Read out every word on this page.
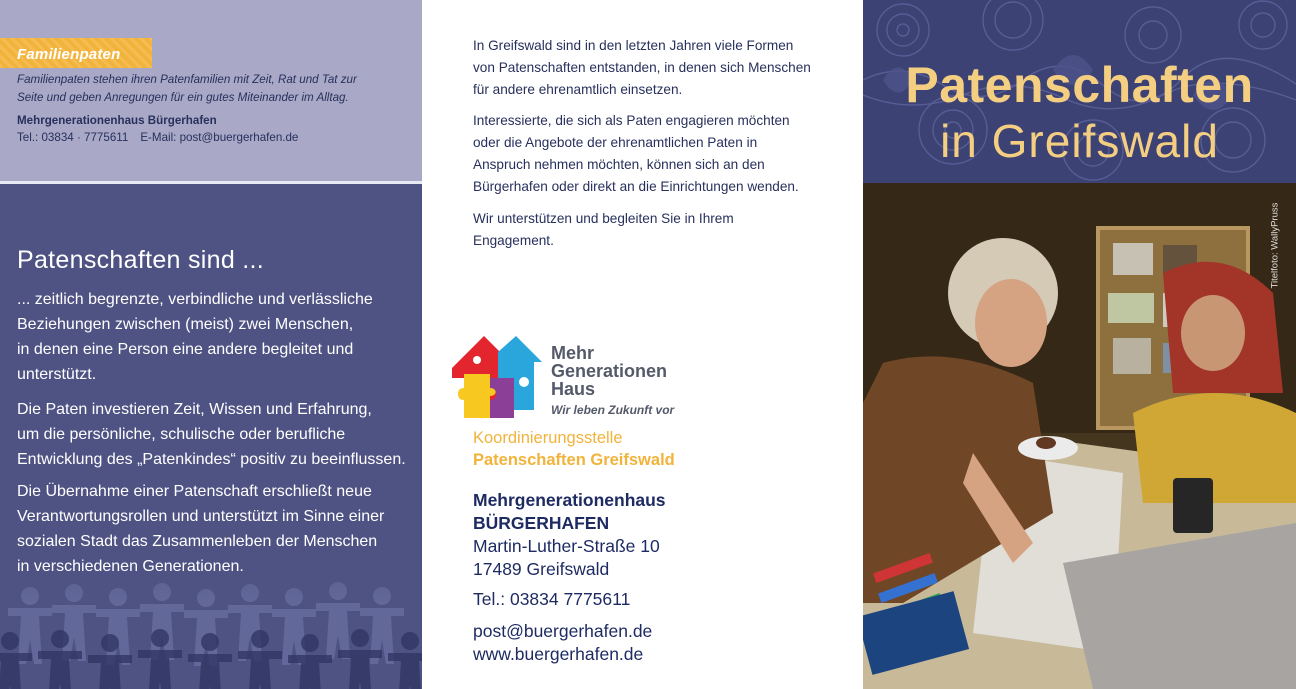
Familienpaten
Familienpaten stehen ihren Patenfamilien mit Zeit, Rat und Tat zur
Seite und geben Anregungen für ein gutes Miteinander im Alltag.
Mehrgenerationenhaus Bürgerhafen
Tel.: 03834 · 7775611 E-Mail: post@buergerhafen.de
Patenschaften sind ...
... zeitlich begrenzte, verbindliche und verlässliche
Beziehungen zwischen (meist) zwei Menschen,
in denen eine Person eine andere begleitet und
unterstützt.
Die Paten investieren Zeit, Wissen und Erfahrung,
um die persönliche, schulische oder berufliche
Entwicklung des „Patenkindes“ positiv zu beeinflussen.
Die Übernahme einer Patenschaft erschließt neue
Verantwortungsrollen und unterstützt im Sinne einer
sozialen Stadt das Zusammenleben der Menschen
in verschiedenen Generationen.
In Greifswald sind in den letzten Jahren viele Formen
von Patenschaften entstanden, in denen sich Menschen
für andere ehrenamtlich einsetzen.
Interessierte, die sich als Paten engagieren möchten
oder die Angebote der ehrenamtlichen Paten in
Anspruch nehmen möchten, können sich an den
Bürgerhafen oder direkt an die Einrichtungen wenden.
Wir unterstützen und begleiten Sie in Ihrem
Engagement.
Mehr
Generationen
Haus
Wir leben Zukunft vor
Koordinierungsstelle
Patenschaften Greifswald
Mehrgenerationenhaus
BÜRGERHAFEN
Martin-Luther-Straße 10
17489 Greifswald
Tel.: 03834 7775611
post@buergerhafen.de
www.buergerhafen.de
Patenschaften
in Greifswald
Titelfoto: WallyPruss
